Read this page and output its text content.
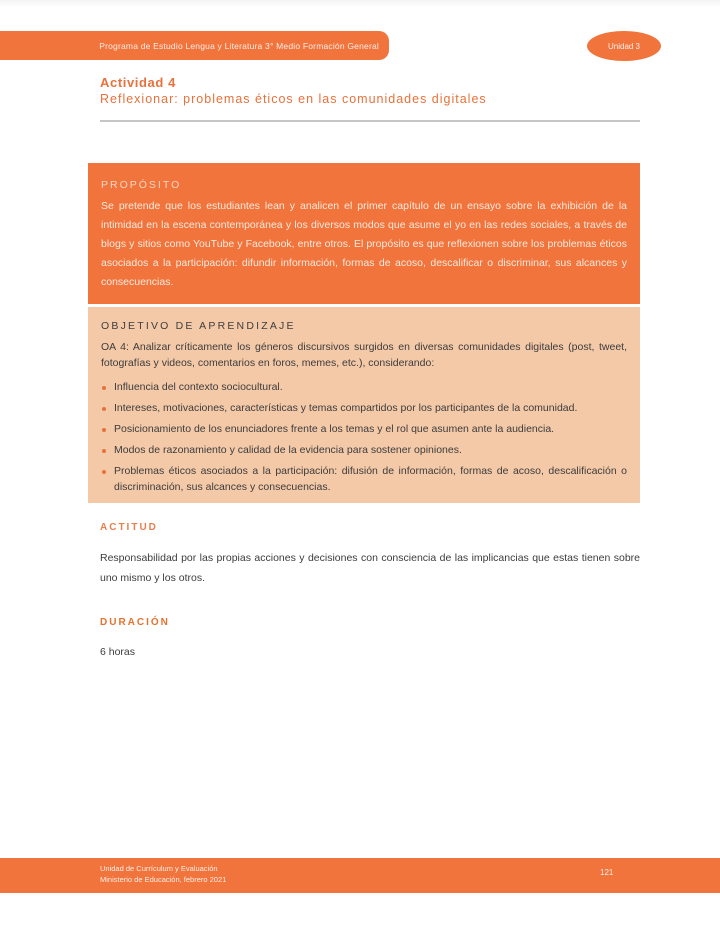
Programa de Estudio Lengua y Literatura 3° Medio Formación General	Unidad 3
Actividad 4
Reflexionar: problemas éticos en las comunidades digitales
PROPÓSITO

Se pretende que los estudiantes lean y analicen el primer capítulo de un ensayo sobre la exhibición de la intimidad en la escena contemporánea y los diversos modos que asume el yo en las redes sociales, a través de blogs y sitios como YouTube y Facebook, entre otros. El propósito es que reflexionen sobre los problemas éticos asociados a la participación: difundir información, formas de acoso, descalificar o discriminar, sus alcances y consecuencias.

OBJETIVO DE APRENDIZAJE

OA 4: Analizar críticamente los géneros discursivos surgidos en diversas comunidades digitales (post, tweet, fotografías y videos, comentarios en foros, memes, etc.), considerando:

Influencia del contexto sociocultural.
Intereses, motivaciones, características y temas compartidos por los participantes de la comunidad.
Posicionamiento de los enunciadores frente a los temas y el rol que asumen ante la audiencia.
Modos de razonamiento y calidad de la evidencia para sostener opiniones.
Problemas éticos asociados a la participación: difusión de información, formas de acoso, descalificación o discriminación, sus alcances y consecuencias.
ACTITUD

Responsabilidad por las propias acciones y decisiones con consciencia de las implicancias que estas tienen sobre uno mismo y los otros.

DURACIÓN

6 horas

Unidad de Currículum y Evaluación
Ministerio de Educación, febrero 2021
121
